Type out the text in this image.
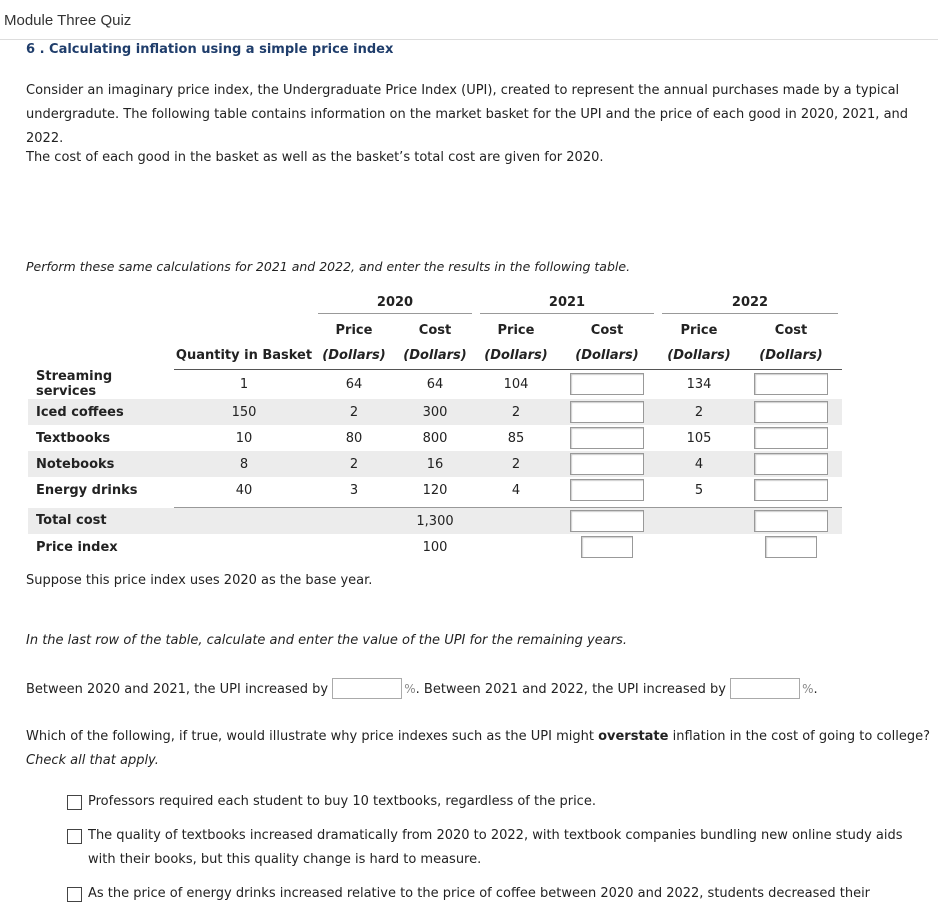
Module Three Quiz
6 . Calculating inflation using a simple price index
Consider an imaginary price index, the Undergraduate Price Index (UPI), created to represent the annual purchases made by a typical undergradute. The following table contains information on the market basket for the UPI and the price of each good in 2020, 2021, and 2022.
The cost of each good in the basket as well as the basket’s total cost are given for 2020.
Perform these same calculations for 2021 and 2022, and enter the results in the following table.

		2020		2021		2022	

		Price	Cost	Price	Cost	Price	Cost
	Quantity in Basket	(Dollars)	(Dollars)	(Dollars)	(Dollars)	(Dollars)	(Dollars)
Streaming services	1	64	64	104		134	
Iced coffees	150	2	300	2		2	
Textbooks	10	80	800	85		105	
Notebooks	8	2	16	2		4	
Energy drinks	40	3	120	4		5	

Total cost			1,300				
Price index			100				
Suppose this price index uses 2020 as the base year.
In the last row of the table, calculate and enter the value of the UPI for the remaining years.
Between 2020 and 2021, the UPI increased by	%. Between 2021 and 2022, the UPI increased by	%.
Which of the following, if true, would illustrate why price indexes such as the UPI might overstate inflation in the cost of going to college? Check all that apply.
Professors required each student to buy 10 textbooks, regardless of the price.
The quality of textbooks increased dramatically from 2020 to 2022, with textbook companies bundling new online study aids with their books, but this quality change is hard to measure.
As the price of energy drinks increased relative to the price of coffee between 2020 and 2022, students decreased their
